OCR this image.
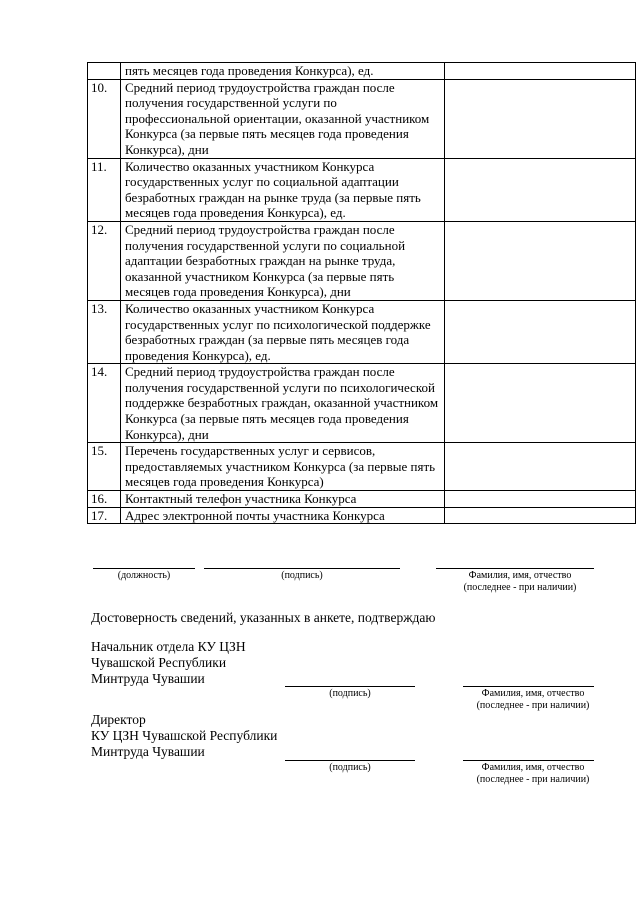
	пять месяцев года проведения Конкурса), ед.	
10.	Средний период трудоустройства граждан после получения государственной услуги по профессиональной ориентации, оказанной участником Конкурса (за первые пять месяцев года проведения Конкурса), дни	
11.	Количество оказанных участником Конкурса государственных услуг по социальной адаптации безработных граждан на рынке труда (за первые пять месяцев года проведения Конкурса), ед.	
12.	Средний период трудоустройства граждан после получения государственной услуги по социальной адаптации безработных граждан на рынке труда, оказанной участником Конкурса (за первые пять месяцев года проведения Конкурса), дни	
13.	Количество оказанных участником Конкурса государственных услуг по психологической поддержке безработных граждан (за первые пять месяцев года проведения Конкурса), ед.	
14.	Средний период трудоустройства граждан после получения государственной услуги по психологической поддержке безработных граждан, оказанной участником Конкурса (за первые пять месяцев года проведения Конкурса), дни	
15.	Перечень государственных услуг и сервисов, предоставляемых участником Конкурса (за первые пять месяцев года проведения Конкурса)	
16.	Контактный телефон участника Конкурса	
17.	Адрес электронной почты участника Конкурса	
(должность)	(подпись)	Фамилия, имя, отчество
(последнее - при наличии)
Достоверность сведений, указанных в анкете, подтверждаю
Начальник отдела КУ ЦЗН
Чувашской Республики
Минтруда Чувашии
(подпись)	Фамилия, имя, отчество
(последнее - при наличии)
Директор
КУ ЦЗН Чувашской Республики
Минтруда Чувашии
(подпись)	Фамилия, имя, отчество
(последнее - при наличии)
